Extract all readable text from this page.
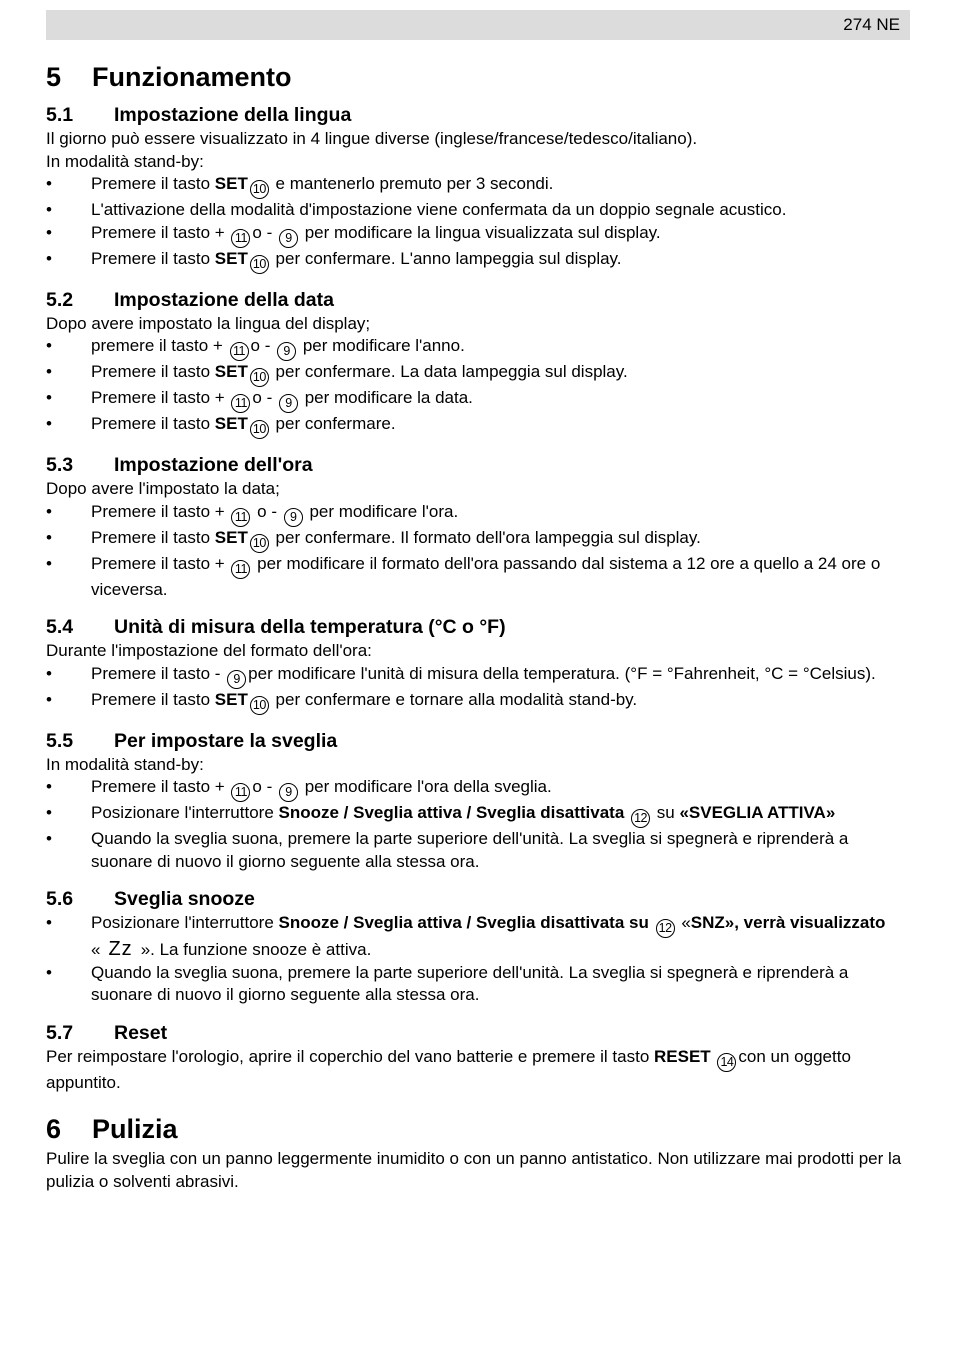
274 NE
5	Funzionamento
5.1	Impostazione della lingua

Il giorno può essere visualizzato in 4 lingue diverse (inglese/francese/tedesco/italiano).

In modalità stand-by:

• Premere il tasto SET 10 e mantenerlo premuto per 3 secondi.
• L'attivazione della modalità d'impostazione viene confermata da un doppio segnale acustico.
• Premere il tasto + 11 o - 9 per modificare la lingua visualizzata sul display.
• Premere il tasto SET 10 per confermare. L'anno lampeggia sul display.
5.2	Impostazione della data

Dopo avere impostato la lingua del display;

• premere il tasto + 11 o - 9 per modificare l'anno.
• Premere il tasto SET 10 per confermare. La data lampeggia sul display.
• Premere il tasto + 11 o - 9 per modificare la data.
• Premere il tasto SET 10 per confermare.
5.3	Impostazione dell'ora

Dopo avere l'impostato la data;

• Premere il tasto + 11 o - 9 per modificare l'ora.
• Premere il tasto SET 10 per confermare. Il formato dell'ora lampeggia sul display.
• Premere il tasto + 11 per modificare il formato dell'ora passando dal sistema a 12 ore a quello a 24 ore o viceversa.
5.4	Unità di misura della temperatura (°C o °F)

Durante l'impostazione del formato dell'ora:

• Premere il tasto - 9 per modificare l'unità di misura della temperatura. (°F = °Fahrenheit, °C = °Celsius).
• Premere il tasto SET 10 per confermare e tornare alla modalità stand-by.
5.5	Per impostare la sveglia

In modalità stand-by:

• Premere il tasto + 11 o - 9 per modificare l'ora della sveglia.
• Posizionare l'interruttore Snooze / Sveglia attiva / Sveglia disattivata 12 su «SVEGLIA ATTIVA»
• Quando la sveglia suona, premere la parte superiore dell'unità. La sveglia si spegnerà e riprenderà a suonare di nuovo il giorno seguente alla stessa ora.
5.6	Sveglia snooze
• Posizionare l'interruttore Snooze / Sveglia attiva / Sveglia disattivata su 12 «SNZ», verrà visualizzato « Zz ». La funzione snooze è attiva.
• Quando la sveglia suona, premere la parte superiore dell'unità. La sveglia si spegnerà e riprenderà a suonare di nuovo il giorno seguente alla stessa ora.
5.7	Reset

Per reimpostare l'orologio, aprire il coperchio del vano batterie e premere il tasto RESET 14 con un oggetto appuntito.

6	Pulizia

Pulire la sveglia con un panno leggermente inumidito o con un panno antistatico. Non utilizzare mai prodotti per la pulizia o solventi abrasivi.
